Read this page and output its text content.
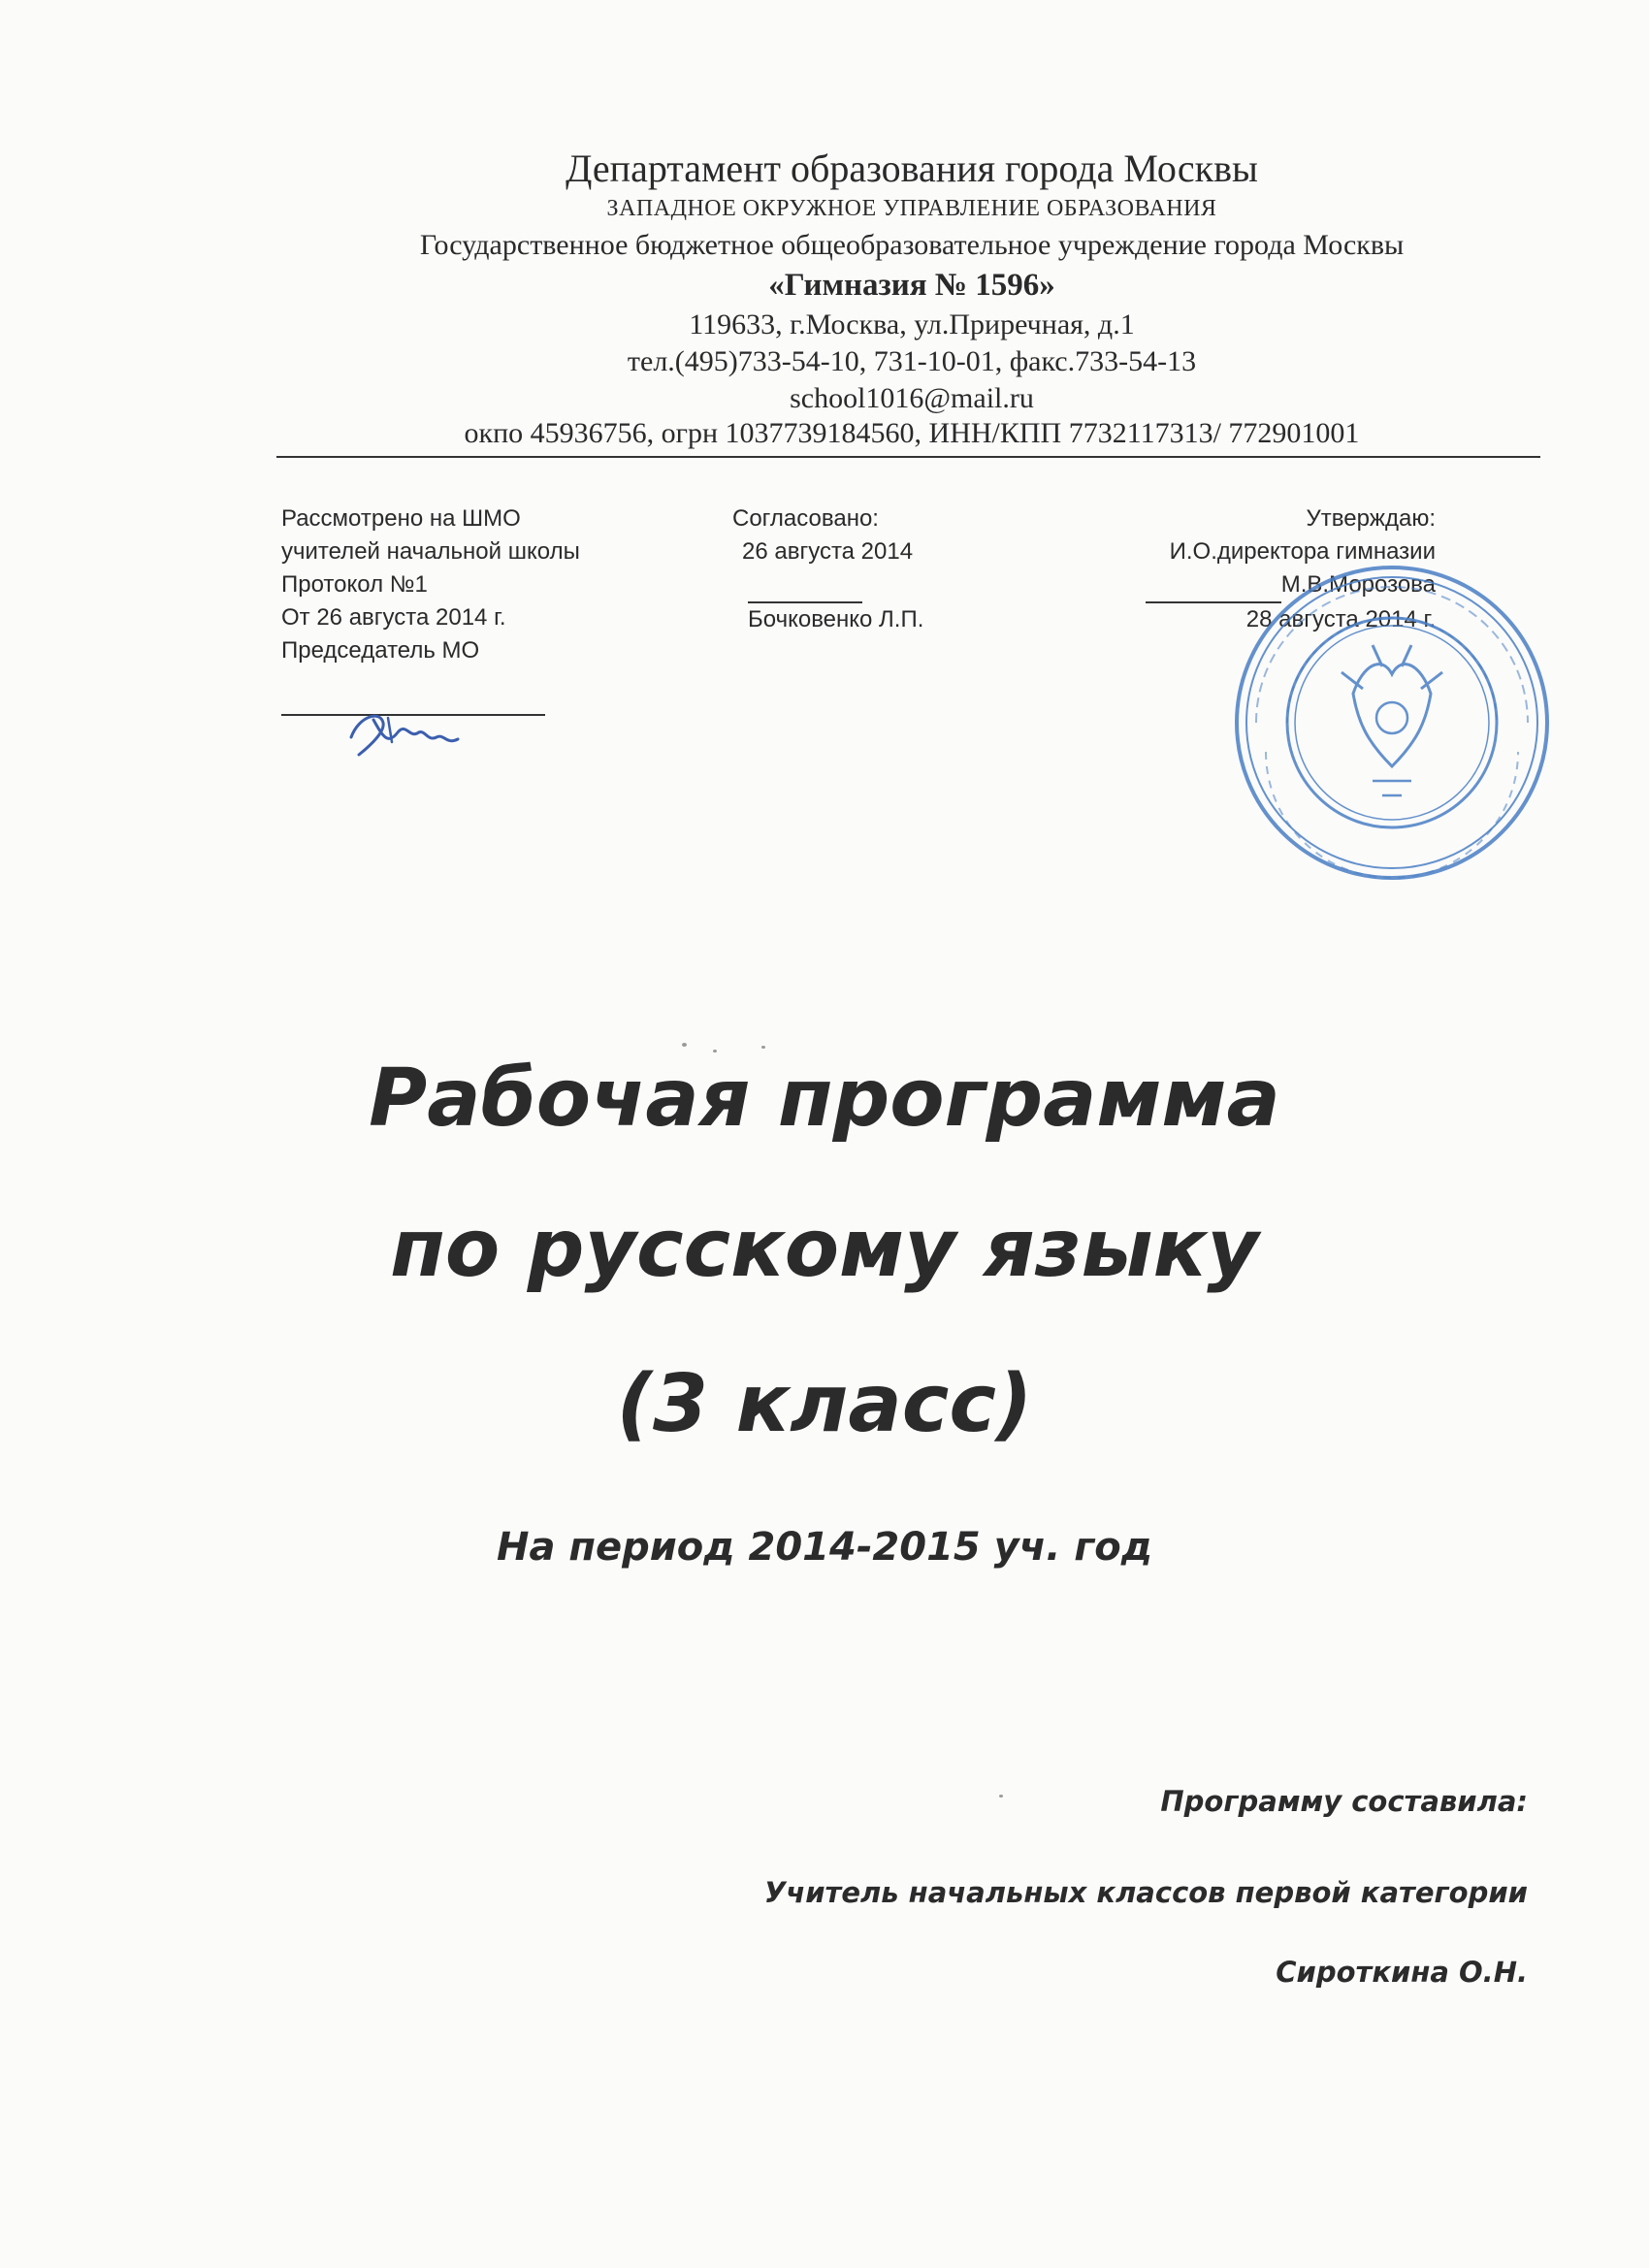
Департамент образования города Москвы
ЗАПАДНОЕ ОКРУЖНОЕ УПРАВЛЕНИЕ ОБРАЗОВАНИЯ
Государственное бюджетное общеобразовательное учреждение города Москвы
«Гимназия № 1596»
119633, г.Москва, ул.Приречная, д.1
тел.(495)733-54-10, 731-10-01, факс.733-54-13
school1016@mail.ru
окпо 45936756, огрн 1037739184560, ИНН/КПП 7732117313/ 772901001
Рассмотрено на ШМО
учителей начальной школы
Протокол №1
От 26 августа 2014 г.
Председатель МО

Согласовано:
26 августа 2014

Бочковенко Л.П.
Утверждаю:
И.О.директора гимназии
М.В.Морозова
28 августа 2014 г.
Рабочая программа
по русскому языку
(3 класс)
На период 2014-2015 уч. год
Программу составила:
Учитель начальных классов первой категории
Сироткина О.Н.
